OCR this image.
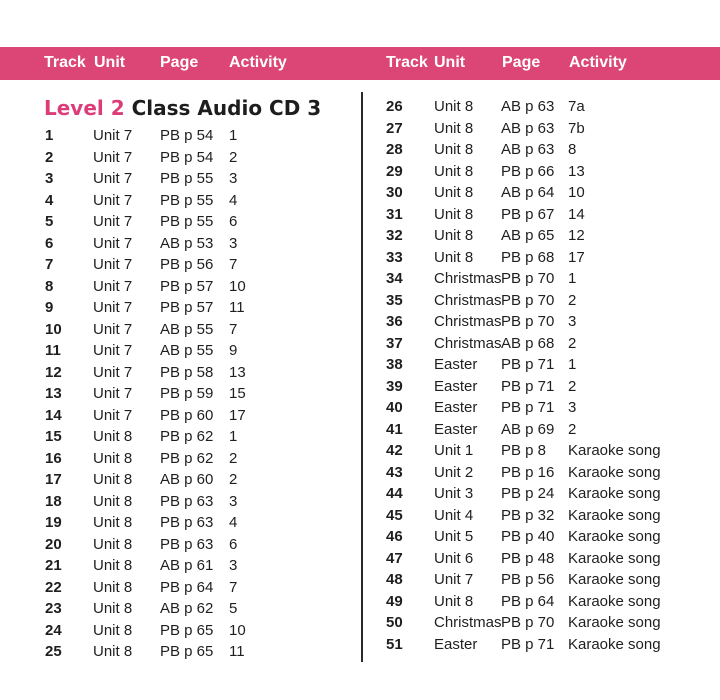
Track Unit Page Activity	Track Unit Page Activity
Level 2 Class Audio CD 3
1	Unit 7 PB p 54 1
2	Unit 7 PB p 54 2
3	Unit 7 PB p 55 3
4	Unit 7 PB p 55 4
5	Unit 7 PB p 55 6
6	Unit 7 AB p 53 3
7	Unit 7 PB p 56 7
8	Unit 7 PB p 57 10
9	Unit 7 PB p 57 11
10 Unit 7 AB p 55 7
11 Unit 7 AB p 55 9
12 Unit 7 PB p 58 13
13 Unit 7 PB p 59 15
14 Unit 7 PB p 60 17
15 Unit 8 PB p 62 1
16 Unit 8 PB p 62 2
17 Unit 8 AB p 60 2
18 Unit 8 PB p 63 3
19 Unit 8 PB p 63 4
20 Unit 8 PB p 63 6
21 Unit 8 AB p 61 3
22 Unit 8 PB p 64 7
23 Unit 8 AB p 62 5
24 Unit 8 PB p 65 10
25 Unit 8 PB p 65 11
26 Unit 8 AB p 63 7a
27 Unit 8 AB p 63 7b
28 Unit 8 AB p 63 8
29 Unit 8 PB p 66 13
30 Unit 8 AB p 64 10
31 Unit 8 PB p 67 14
32 Unit 8 AB p 65 12
33 Unit 8 PB p 68 17
34 Christmas PB p 70 1
35 Christmas PB p 70 2
36 Christmas PB p 70 3
37 Christmas AB p 68 2
38 Easter PB p 71 1
39 Easter PB p 71 2
40 Easter PB p 71 3
41 Easter AB p 69 2
42 Unit 1 PB p 8 Karaoke song
43 Unit 2 PB p 16 Karaoke song
44 Unit 3 PB p 24 Karaoke song
45 Unit 4 PB p 32 Karaoke song
46 Unit 5 PB p 40 Karaoke song
47 Unit 6 PB p 48 Karaoke song
48 Unit 7 PB p 56 Karaoke song
49 Unit 8 PB p 64 Karaoke song
50 Christmas PB p 70 Karaoke song
51 Easter PB p 71 Karaoke song
